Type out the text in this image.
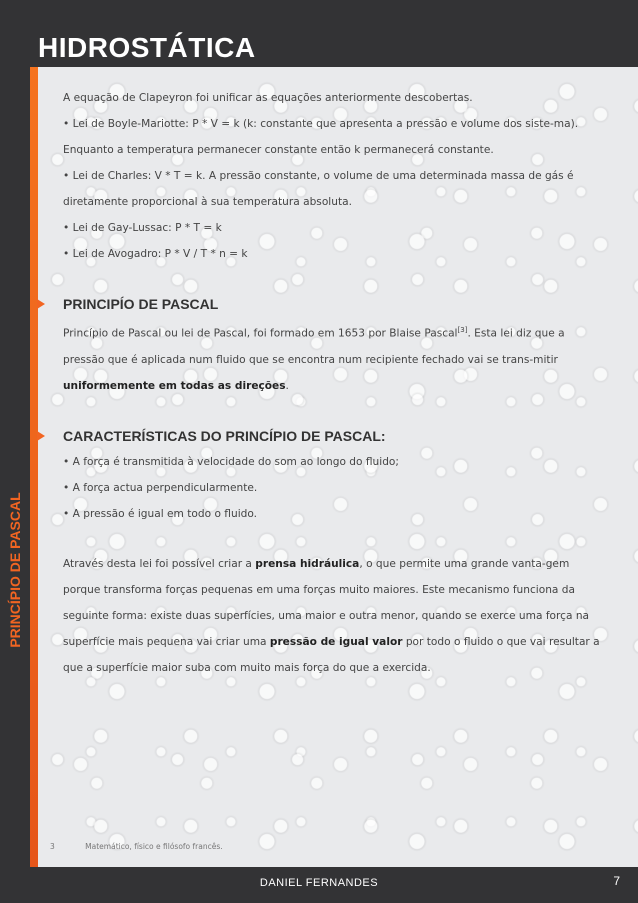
HIDROSTÁTICA
PRINCÍPIO DE PASCAL

A equação de Clapeyron foi unificar as equações anteriormente descobertas.

• Lei de Boyle-Mariotte: P * V = k (k: constante que apresenta a pressão e volume dos siste-ma). Enquanto a temperatura permanecer constante então k permanecerá constante.

• Lei de Charles: V * T = k. A pressão constante, o volume de uma determinada massa de gás é diretamente proporcional à sua temperatura absoluta.

• Lei de Gay-Lussac: P * T = k

• Lei de Avogadro: P * V / T * n = k

PRINCIPÍO DE PASCAL

Princípio de Pascal ou lei de Pascal, foi formado em 1653 por Blaise Pascal[3]. Esta lei diz que a pressão que é aplicada num fluido que se encontra num recipiente fechado vai se trans-mitir uniformemente em todas as direções.

CARACTERÍSTICAS DO PRINCÍPIO DE PASCAL:

• A força é transmitida à velocidade do som ao longo do fluido;

• A força actua perpendicularmente.

• A pressão é igual em todo o fluido.

Através desta lei foi possível criar a prensa hidráulica, o que permite uma grande vanta-gem porque transforma forças pequenas em uma forças muito maiores. Este mecanismo funciona da seguinte forma: existe duas superfícies, uma maior e outra menor, quando se exerce uma força na superfície mais pequena vai criar uma pressão de igual valor por todo o fluido o que vai resultar a que a superfície maior suba com muito mais força do que a exercida.

3	Matemático, físico e filósofo francês.
DANIEL FERNANDES	7
